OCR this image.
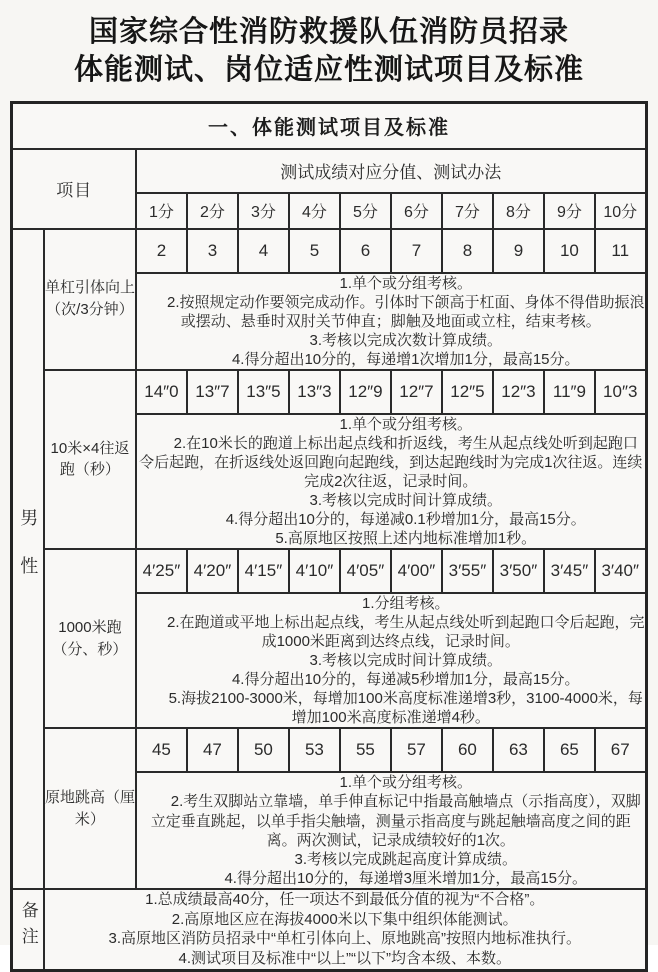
国家综合性消防救援队伍消防员招录
体能测试、岗位适应性测试项目及标准
一、体能测试项目及标准											
项目		测试成绩对应分值、测试办法									
		1分	2分	3分	4分	5分	6分	7分	8分	9分	10分
男性	单杠引体向上（次/3分钟）	2	3	4	5	6	7	8	9	10	11

		1.单个或分组考核。

2.按照规定动作要领完成动作。引体时下颌高于杠面、身体不得借助振浪或摆动、悬垂时双肘关节伸直；脚触及地面或立柱，结束考核。

3.考核以完成次数计算成绩。

4.得分超出10分的，每递增1次增加1分，最高15分。									

	10米×4往返跑（秒）	14″0	13″7	13″5	13″3	12″9	12″7	12″5	12″3	11″9	10″3

		1.单个或分组考核。

2.在10米长的跑道上标出起点线和折返线，考生从起点线处听到起跑口令后起跑，在折返线处返回跑向起跑线，到达起跑线时为完成1次往返。连续完成2次往返，记录时间。

3.考核以完成时间计算成绩。

4.得分超出10分的，每递减0.1秒增加1分，最高15分。

5.高原地区按照上述内地标准增加1秒。									

	1000米跑（分、秒）	4′25″	4′20″	4′15″	4′10″	4′05″	4′00″	3′55″	3′50″	3′45″	3′40″

		1.分组考核。

2.在跑道或平地上标出起点线，考生从起点线处听到起跑口令后起跑，完成1000米距离到达终点线，记录时间。

3.考核以完成时间计算成绩。

4.得分超出10分的，每递减5秒增加1分，最高15分。

5.海拔2100-3000米，每增加100米高度标准递增3秒，3100-4000米，每增加100米高度标准递增4秒。									

	原地跳高（厘米）	45	47	50	53	55	57	60	63	65	67

		1.单个或分组考核。

2.考生双脚站立靠墙，单手伸直标记中指最高触墙点（示指高度），双脚立定垂直跳起，以单手指尖触墙，测量示指高度与跳起触墙高度之间的距离。两次测试，记录成绩较好的1次。

3.考核以完成跳起高度计算成绩。

4.得分超出10分的，每递增3厘米增加1分，最高15分。									

备注	1.总成绩最高40分，任一项达不到最低分值的视为“不合格”。

2.高原地区应在海拔4000米以下集中组织体能测试。

3.高原地区消防员招录中“单杠引体向上、原地跳高”按照内地标准执行。

4.测试项目及标准中“以上”“以下”均含本级、本数。										
